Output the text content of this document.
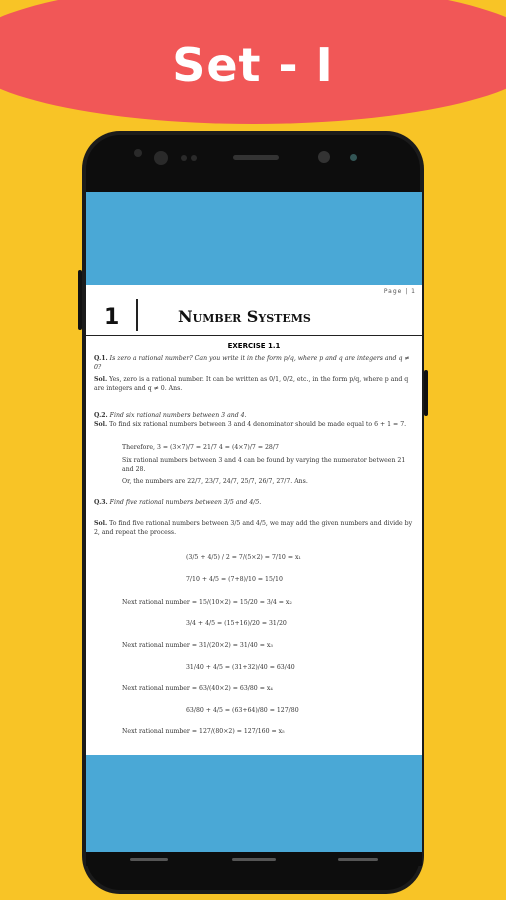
Set - I
Page | 1
1	Number Systems
EXERCISE 1.1
Q.1. Is zero a rational number? Can you write it in the form p/q, where p and q are integers and q ≠ 0?
Sol. Yes, zero is a rational number. It can be written as 0/1, 0/2, etc., in the form p/q, where p and q are integers and q ≠ 0. Ans.
Q.2. Find six rational numbers between 3 and 4.
Sol. To find six rational numbers between 3 and 4 denominator should be made equal to 6 + 1 = 7.
Therefore, 3 = (3×7)/7 = 21/7 4 = (4×7)/7 = 28/7
Six rational numbers between 3 and 4 can be found by varying the numerator between 21 and 28.
Or, the numbers are 22/7, 23/7, 24/7, 25/7, 26/7, 27/7. Ans.
Q.3. Find five rational numbers between 3/5 and 4/5.
Sol. To find five rational numbers between 3/5 and 4/5, we may add the given numbers and divide by 2, and repeat the process.
(3/5 + 4/5) / 2 = 7/(5×2) = 7/10 = x₁
7/10 + 4/5 = (7+8)/10 = 15/10
Next rational number = 15/(10×2) = 15/20 = 3/4 = x₂
3/4 + 4/5 = (15+16)/20 = 31/20
Next rational number = 31/(20×2) = 31/40 = x₃
31/40 + 4/5 = (31+32)/40 = 63/40
Next rational number = 63/(40×2) = 63/80 = x₄
63/80 + 4/5 = (63+64)/80 = 127/80
Next rational number = 127/(80×2) = 127/160 = x₅
